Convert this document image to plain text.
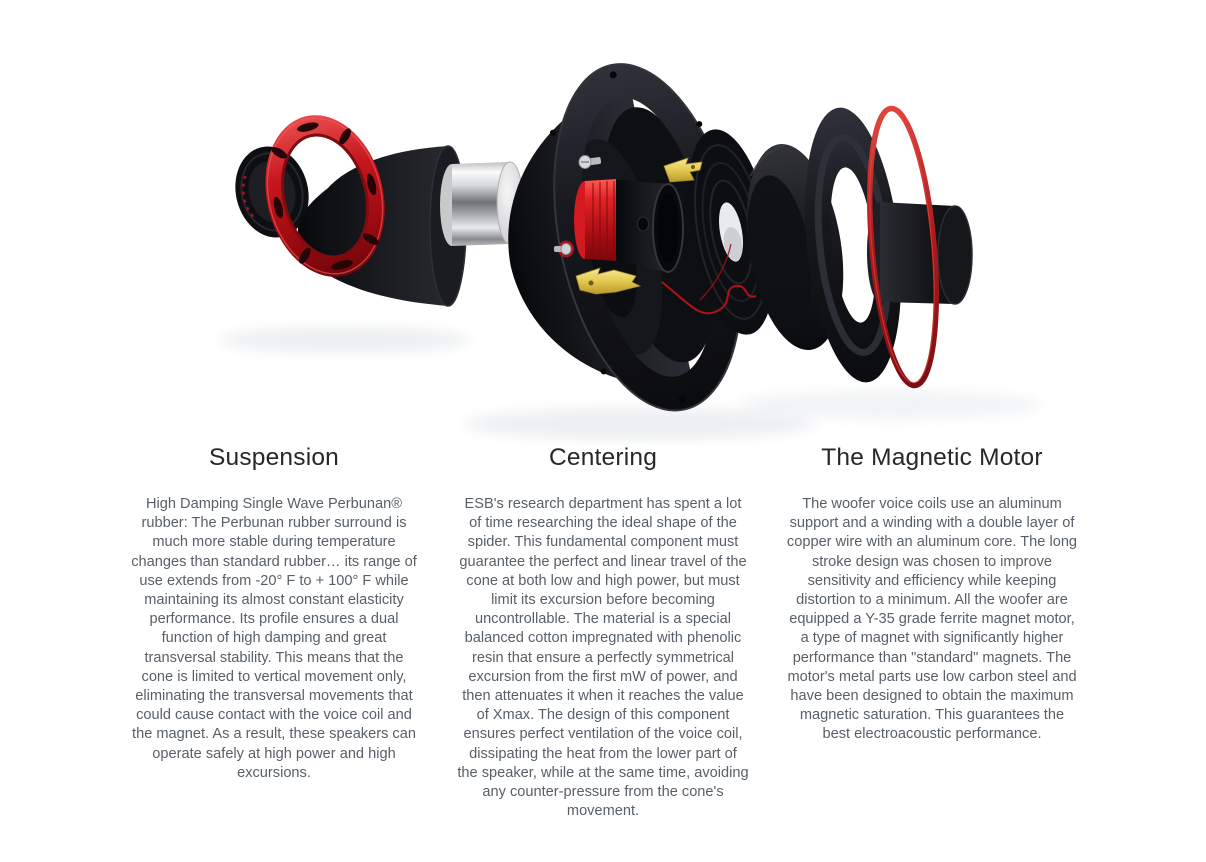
Suspension

High Damping Single Wave Perbunan® rubber: The Perbunan rubber surround is much more stable during temperature changes than standard rubber… its range of use extends from -20° F to + 100° F while maintaining its almost constant elasticity performance. Its profile ensures a dual function of high damping and great transversal stability. This means that the cone is limited to vertical movement only, eliminating the transversal movements that could cause contact with the voice coil and the magnet. As a result, these speakers can operate safely at high power and high excursions.

Centering

ESB's research department has spent a lot of time researching the ideal shape of the spider. This fundamental component must guarantee the perfect and linear travel of the cone at both low and high power, but must limit its excursion before becoming uncontrollable. The material is a special balanced cotton impregnated with phenolic resin that ensure a perfectly symmetrical excursion from the first mW of power, and then attenuates it when it reaches the value of Xmax. The design of this component ensures perfect ventilation of the voice coil, dissipating the heat from the lower part of the speaker, while at the same time, avoiding any counter-pressure from the cone's movement.

The Magnetic Motor

The woofer voice coils use an aluminum support and a winding with a double layer of copper wire with an aluminum core. The long stroke design was chosen to improve sensitivity and efficiency while keeping distortion to a minimum. All the woofer are equipped a Y-35 grade ferrite magnet motor, a type of magnet with significantly higher performance than "standard" magnets. The motor's metal parts use low carbon steel and have been designed to obtain the maximum magnetic saturation. This guarantees the best electroacoustic performance.
